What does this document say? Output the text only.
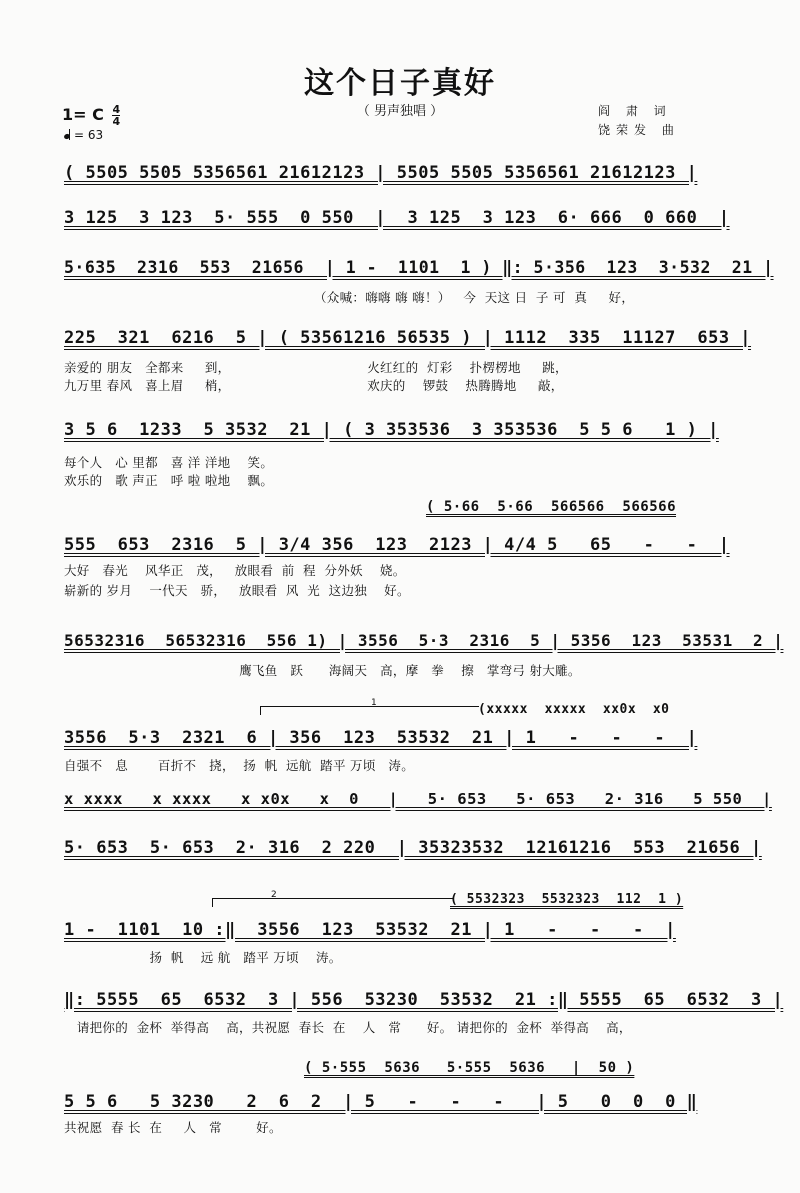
这个日子真好
（ 男声独唱 ）	阎 肃 词
饶荣发 曲
1= C $\frac{4}{4}$
= 63
( 5505 5505 5356561 21612123 | 5505 5505 5356561 21612123 |
3 125  3 123  5· 555  0 550  |  3 125  3 123  6· 666  0 660  |
5·635  2316  553  21656  | 1 -  1101  1 ) ‖: 5·356  123  3·532  21 |
（众喊：嗨嗨 嗨 嗨！）   今  天这 日  子 可  真     好，
225  321  6216  5 | ( 53561216 56535 ) | 1112  335  11127  653 |
亲爱的 朋友   全都来     到，                                火红红的  灯彩    扑楞楞地     跳，
九万里 春风   喜上眉     梢，                                欢庆的    锣鼓    热腾腾地     敲，
3 5 6  1233  5 3532  21 | ( 3 353536  3 353536  5 5 6   1 ) |
每个人   心 里都   喜 洋 洋地    笑。
欢乐的   歌 声正   呼 啦 啦地    飘。
( 5·66  5·66  566566  566566
555  653  2316  5 | 3/4 356  123  2123 | 4/4 5   65   -   -  |
大好   春光    风华正   茂，   放眼看  前  程  分外妖    娆。
崭新的 岁月    一代天   骄，   放眼看  风  光  这边独    好。
56532316  56532316  556 1) | 3556  5·3  2316  5 | 5356  123  53531  2 |
鹰飞鱼   跃      海阔天   高，摩   拳    擦   掌弯弓 射大雕。
1	(xxxxx  xxxxx  xx0x  x0
3556  5·3  2321  6 | 356  123  53532  21 | 1   -   -   -  |
自强不   息       百折不   挠，  扬  帆  远航  踏平 万顷   涛。
x xxxx   x xxxx   x x0x   x  0   |   5· 653   5· 653   2· 316   5 550  |
5· 653  5· 653  2· 316  2 220  | 35323532  12161216  553  21656 |
2	( 5532323  5532323  112  1 )
1 -  1101  10 :‖  3556  123  53532  21 | 1   -   -   -  |
扬  帆    远 航   踏平 万顷    涛。
‖: 5555  65  6532  3 | 556  53230  53532  21 :‖ 5555  65  6532  3 |
请把你的  金杯  举得高    高，共祝愿  春长  在    人   常      好。 请把你的  金杯  举得高    高，
( 5·555  5636   5·555  5636   |  50 )
5 5 6   5 3230   2  6  2  | 5   -   -   -   | 5   0  0  0 ‖
共祝愿  春 长  在     人   常        好。
